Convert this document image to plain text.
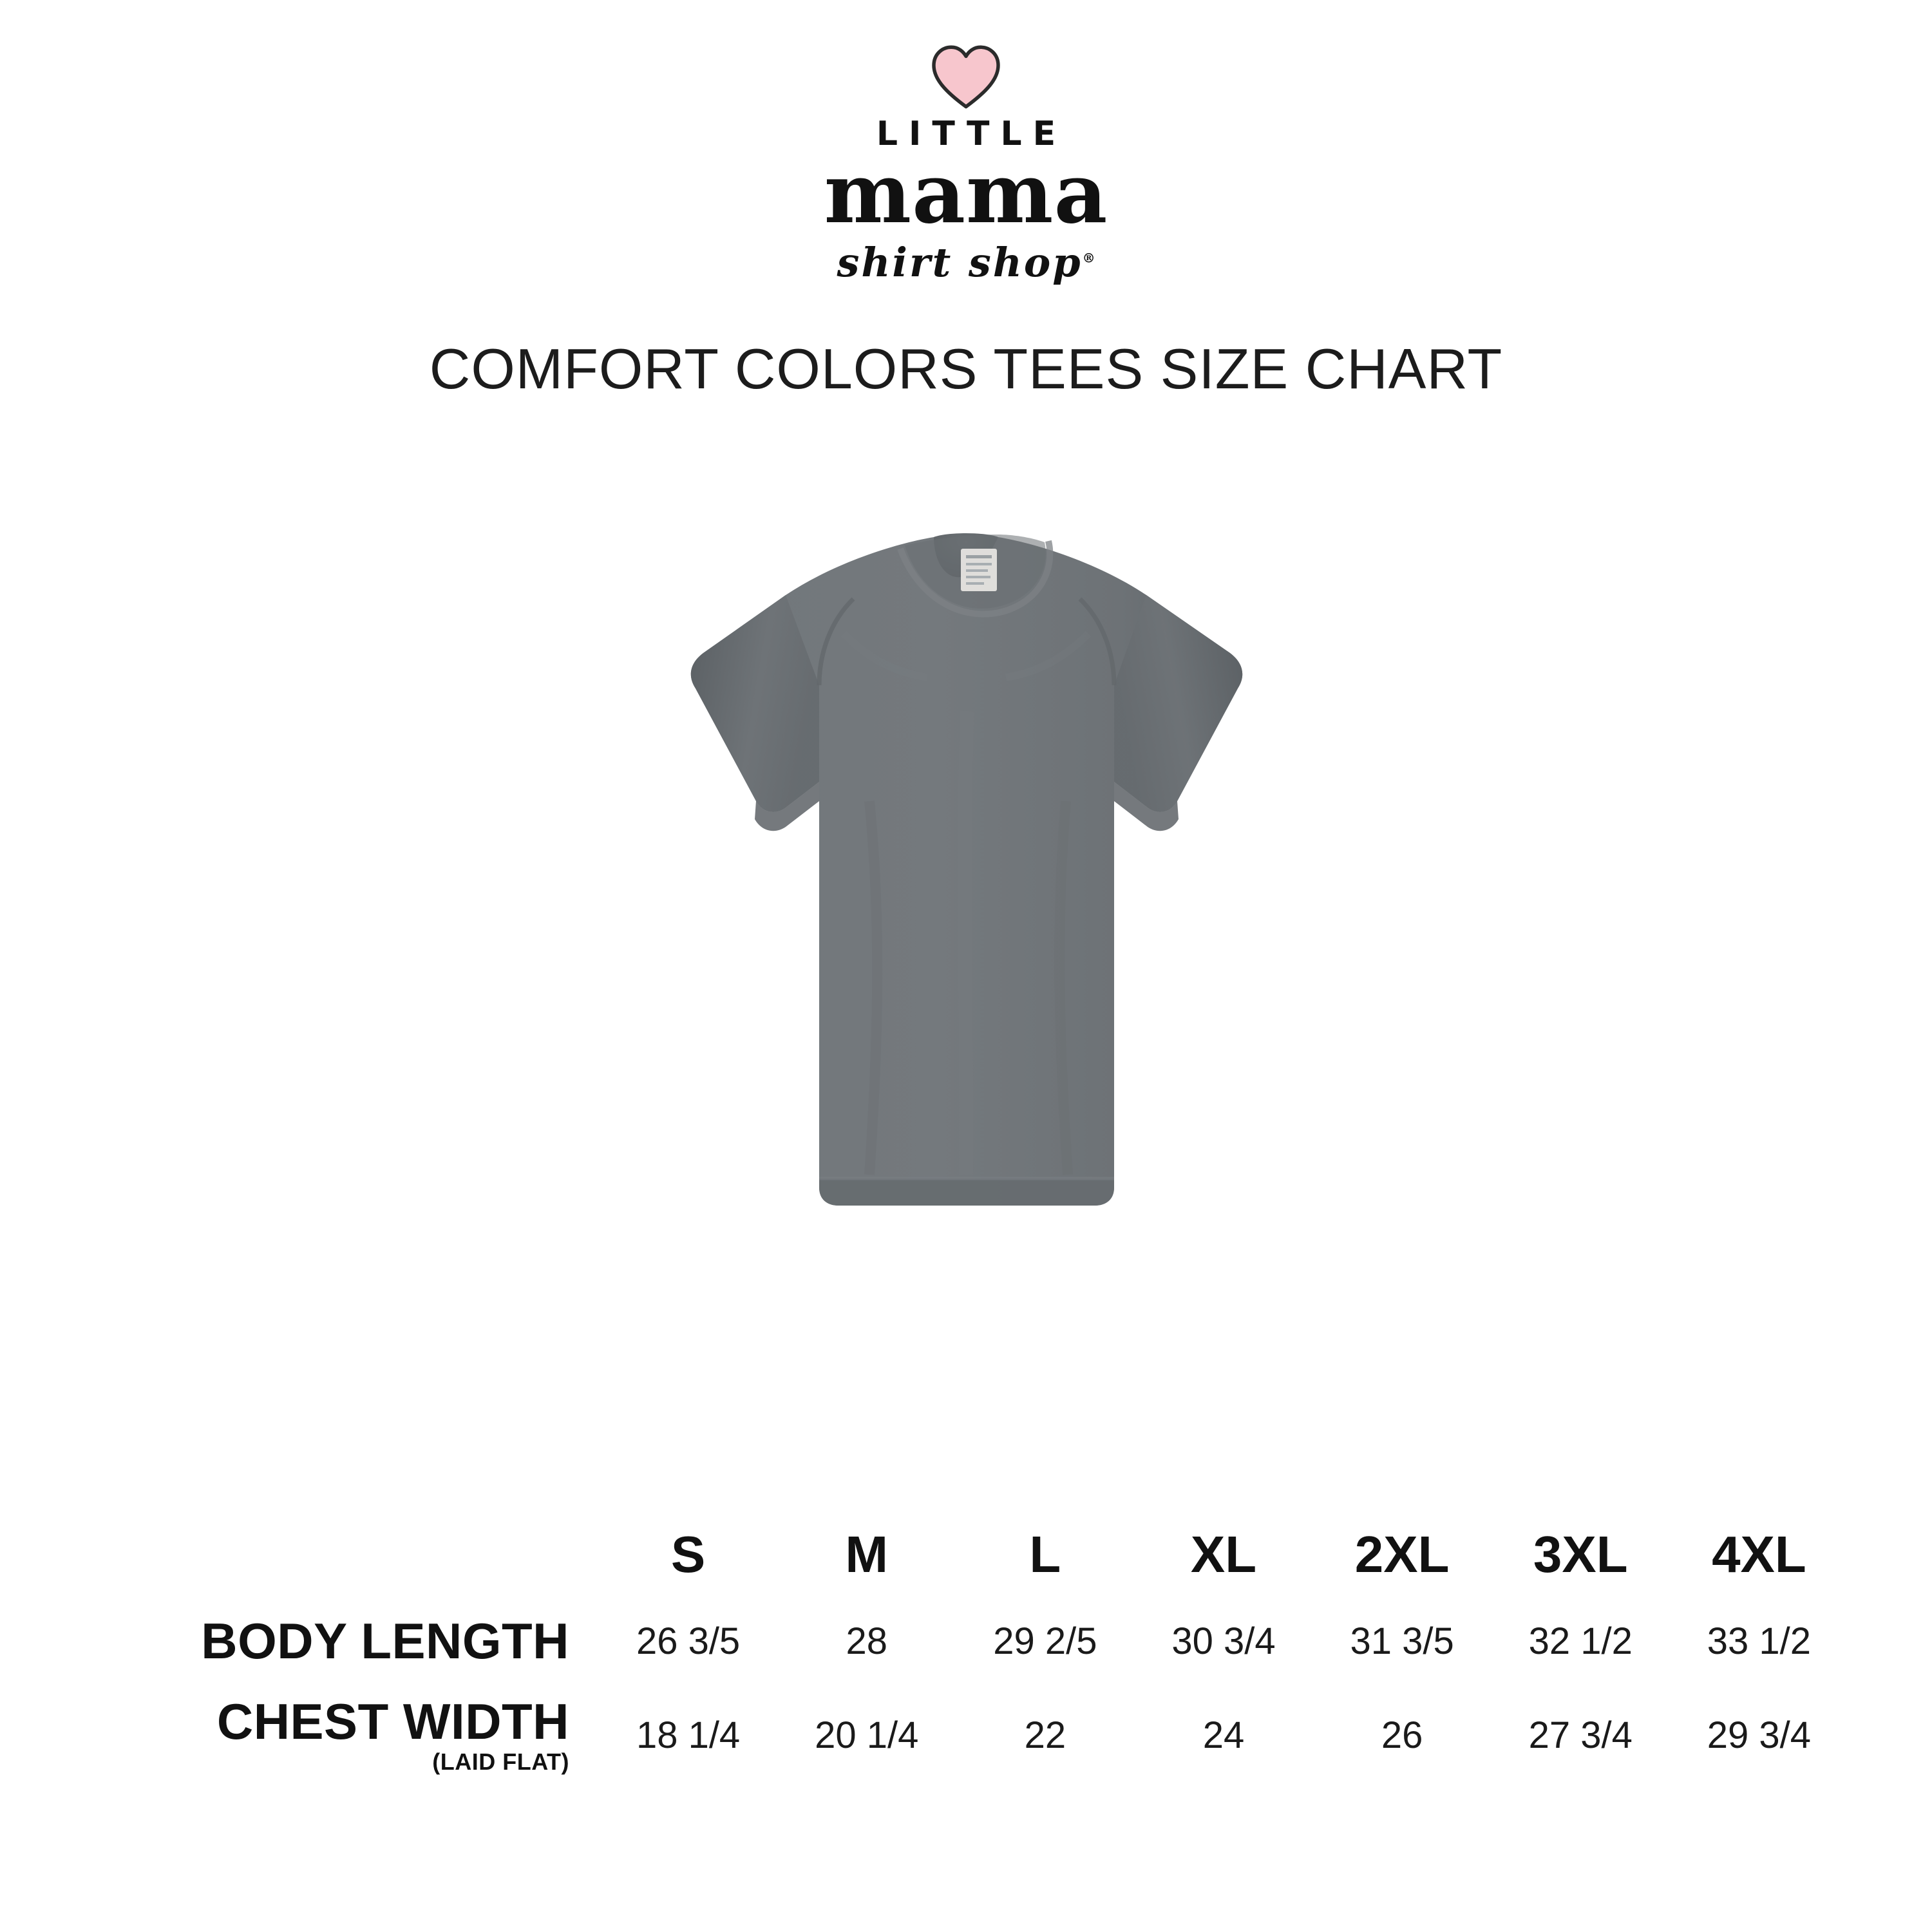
LITTLE
mama
shirt shop®
COMFORT COLORS TEES SIZE CHART
	S	M	L	XL	2XL	3XL	4XL
BODY LENGTH	26 3/5	28	29 2/5	30 3/4	31 3/5	32 1/2	33 1/2
CHEST WIDTH
(LAID FLAT)	18 1/4	20 1/4	22	24	26	27 3/4	29 3/4
